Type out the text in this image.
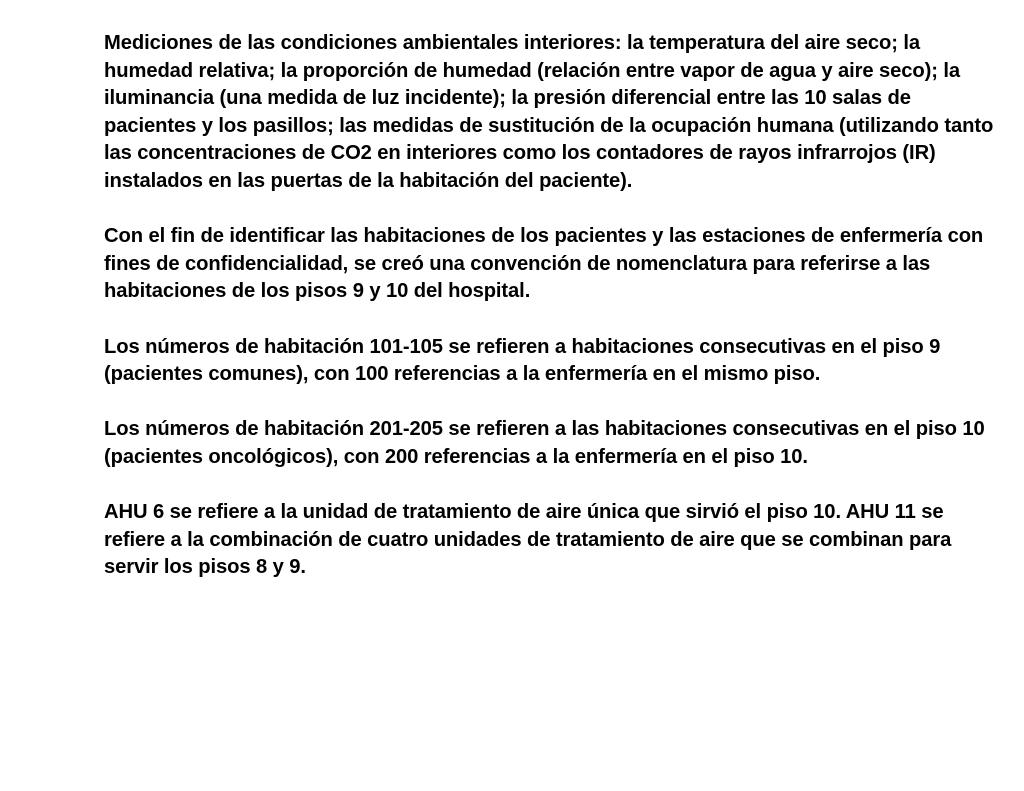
Mediciones de las condiciones ambientales interiores: la temperatura del aire seco; la humedad relativa; la proporción de humedad (relación entre vapor de agua y aire seco); la iluminancia (una medida de luz incidente); la presión diferencial entre las 10 salas de pacientes y los pasillos; las medidas de sustitución de la ocupación humana (utilizando tanto las concentraciones de CO2 en interiores como los contadores de rayos infrarrojos (IR) instalados en las puertas de la habitación del paciente).

Con el fin de identificar las habitaciones de los pacientes y las estaciones de enfermería con fines de confidencialidad, se creó una convención de nomenclatura para referirse a las habitaciones de los pisos 9 y 10 del hospital.

Los números de habitación 101-105 se refieren a habitaciones consecutivas en el piso 9 (pacientes comunes), con 100 referencias a la enfermería en el mismo piso.

Los números de habitación 201-205 se refieren a las habitaciones consecutivas en el piso 10 (pacientes oncológicos), con 200 referencias a la enfermería en el piso 10.

AHU 6 se refiere a la unidad de tratamiento de aire única que sirvió el piso 10. AHU 11 se refiere a la combinación de cuatro unidades de tratamiento de aire que se combinan para servir los pisos 8 y 9.
